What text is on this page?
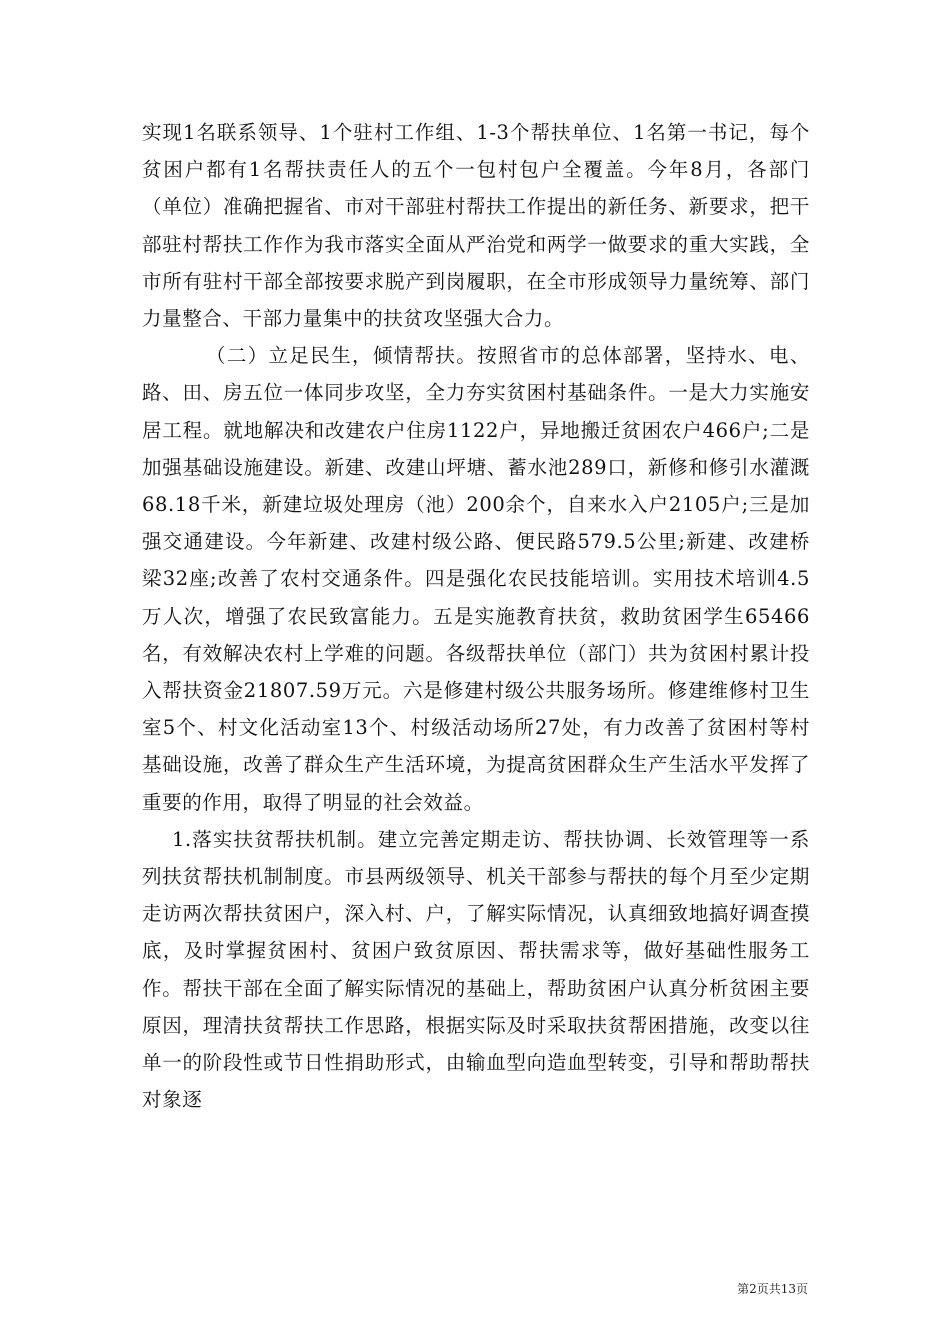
实现1名联系领导、1个驻村工作组、1-3个帮扶单位、1名第一书记，每个贫困户都有1名帮扶责任人的五个一包村包户全覆盖。今年8月，各部门（单位）准确把握省、市对干部驻村帮扶工作提出的新任务、新要求，把干部驻村帮扶工作作为我市落实全面从严治党和两学一做要求的重大实践，全市所有驻村干部全部按要求脱产到岗履职，在全市形成领导力量统筹、部门力量整合、干部力量集中的扶贫攻坚强大合力。

（二）立足民生，倾情帮扶。按照省市的总体部署，坚持水、电、路、田、房五位一体同步攻坚，全力夯实贫困村基础条件。一是大力实施安居工程。就地解决和改建农户住房1122户，异地搬迁贫困农户466户;二是加强基础设施建设。新建、改建山坪塘、蓄水池289口，新修和修引水灌溉68.18千米，新建垃圾处理房（池）200余个，自来水入户2105户;三是加强交通建设。今年新建、改建村级公路、便民路579.5公里;新建、改建桥梁32座;改善了农村交通条件。四是强化农民技能培训。实用技术培训4.5万人次，增强了农民致富能力。五是实施教育扶贫，救助贫困学生65466名，有效解决农村上学难的问题。各级帮扶单位（部门）共为贫困村累计投入帮扶资金21807.59万元。六是修建村级公共服务场所。修建维修村卫生室5个、村文化活动室13个、村级活动场所27处，有力改善了贫困村等村基础设施，改善了群众生产生活环境，为提高贫困群众生产生活水平发挥了重要的作用，取得了明显的社会效益。

1.落实扶贫帮扶机制。建立完善定期走访、帮扶协调、长效管理等一系列扶贫帮扶机制制度。市县两级领导、机关干部参与帮扶的每个月至少定期走访两次帮扶贫困户，深入村、户，了解实际情况，认真细致地搞好调查摸底，及时掌握贫困村、贫困户致贫原因、帮扶需求等，做好基础性服务工作。帮扶干部在全面了解实际情况的基础上，帮助贫困户认真分析贫困主要原因，理清扶贫帮扶工作思路，根据实际及时采取扶贫帮困措施，改变以往单一的阶段性或节日性捐助形式，由输血型向造血型转变，引导和帮助帮扶对象逐

第2页共13页
